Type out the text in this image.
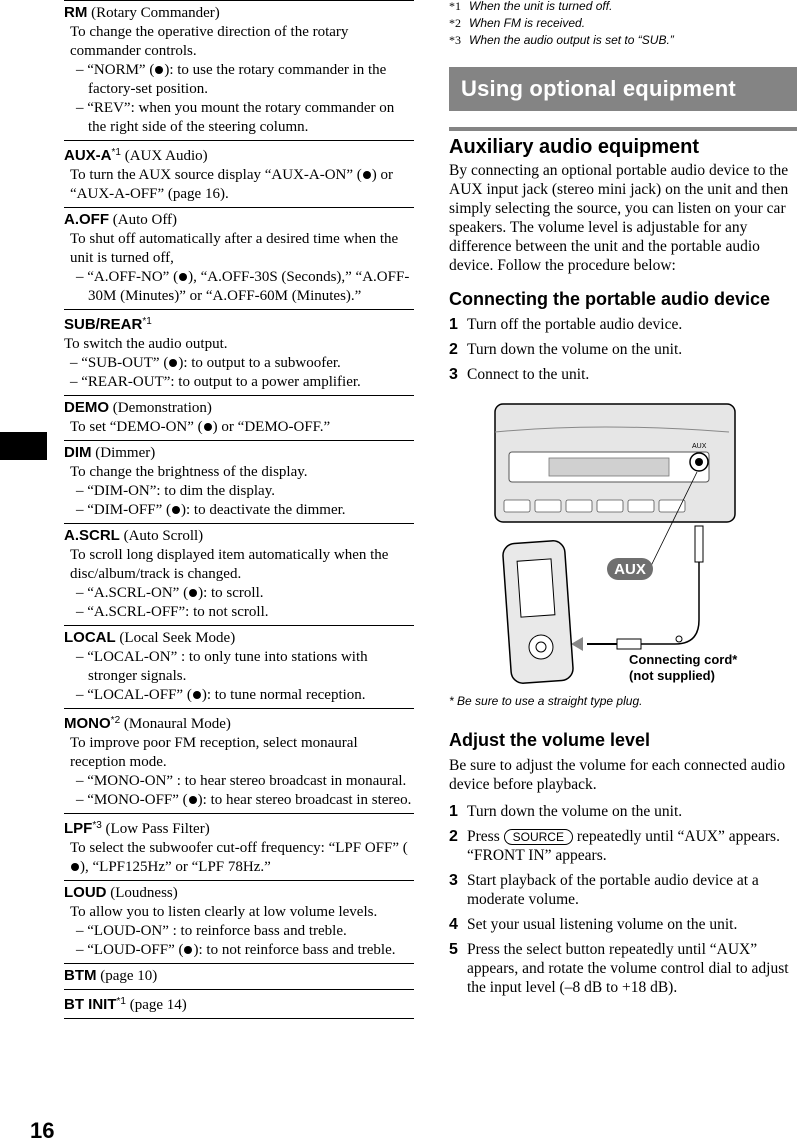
RM (Rotary Commander)
To change the operative direction of the rotary commander controls.
– “NORM” ( ): to use the rotary commander in the factory-set position.
– “REV”: when you mount the rotary commander on the right side of the steering column.
AUX-$A^{*1}$ (AUX Audio)
To turn the AUX source display “AUX-A-ON” ( ) or “AUX-A-OFF” (page 16).
A.OFF (Auto Off)
To shut off automatically after a desired time when the unit is turned off,
– “A.OFF-NO” ( ), “A.OFF-30S (Seconds),” “A.OFF-30M (Minutes)” or “A.OFF-60M (Minutes).”
SUB/REAR$^{*1}$
To switch the audio output.
– “SUB-OUT” ( ): to output to a subwoofer.
– “REAR-OUT”: to output to a power amplifier.
DEMO (Demonstration)
To set “DEMO-ON” ( ) or “DEMO-OFF.”
DIM (Dimmer)
To change the brightness of the display.
– “DIM-ON”: to dim the display.
– “DIM-OFF” ( ): to deactivate the dimmer.
A.SCRL (Auto Scroll)
To scroll long displayed item automatically when the disc/album/track is changed.
– “A.SCRL-ON” ( ): to scroll.
– “A.SCRL-OFF”: to not scroll.
LOCAL (Local Seek Mode)
– “LOCAL-ON” : to only tune into stations with stronger signals.
– “LOCAL-OFF” ( ): to tune normal reception.
MONO$^{*2}$ (Monaural Mode)
To improve poor FM reception, select monaural reception mode.
– “MONO-ON” : to hear stereo broadcast in monaural.
– “MONO-OFF” ( ): to hear stereo broadcast in stereo.
LPF$^{*3}$ (Low Pass Filter)
To select the subwoofer cut-off frequency: “LPF OFF” (), “LPF125Hz” or “LPF 78Hz.”
LOUD (Loudness)
To allow you to listen clearly at low volume levels.
– “LOUD-ON” : to reinforce bass and treble.
– “LOUD-OFF” ( ): to not reinforce bass and treble.
BTM (page 10)
BT INIT$^{*1}$ (page 14)
16
*1 When the unit is turned off.
*2 When FM is received.
*3 When the audio output is set to “SUB.”
Using optional equipment
Auxiliary audio equipment

By connecting an optional portable audio device to the AUX input jack (stereo mini jack) on the unit and then simply selecting the source, you can listen on your car speakers. The volume level is adjustable for any difference between the unit and the portable audio device. Follow the procedure below:

Connecting the portable audio device
1 Turn off the portable audio device.
2 Turn down the volume on the unit.
3 Connect to the unit.
AUX
AUX
Connecting cord*
(not supplied)
* Be sure to use a straight type plug.
Adjust the volume level

Be sure to adjust the volume for each connected audio device before playback.

1 Turn down the volume on the unit.
2 Press SOURCE repeatedly until “AUX” appears.
“FRONT IN” appears.
3 Start playback of the portable audio device at a moderate volume.
4 Set your usual listening volume on the unit.
5 Press the select button repeatedly until “AUX” appears, and rotate the volume control dial to adjust the input level (–8 dB to +18 dB).
